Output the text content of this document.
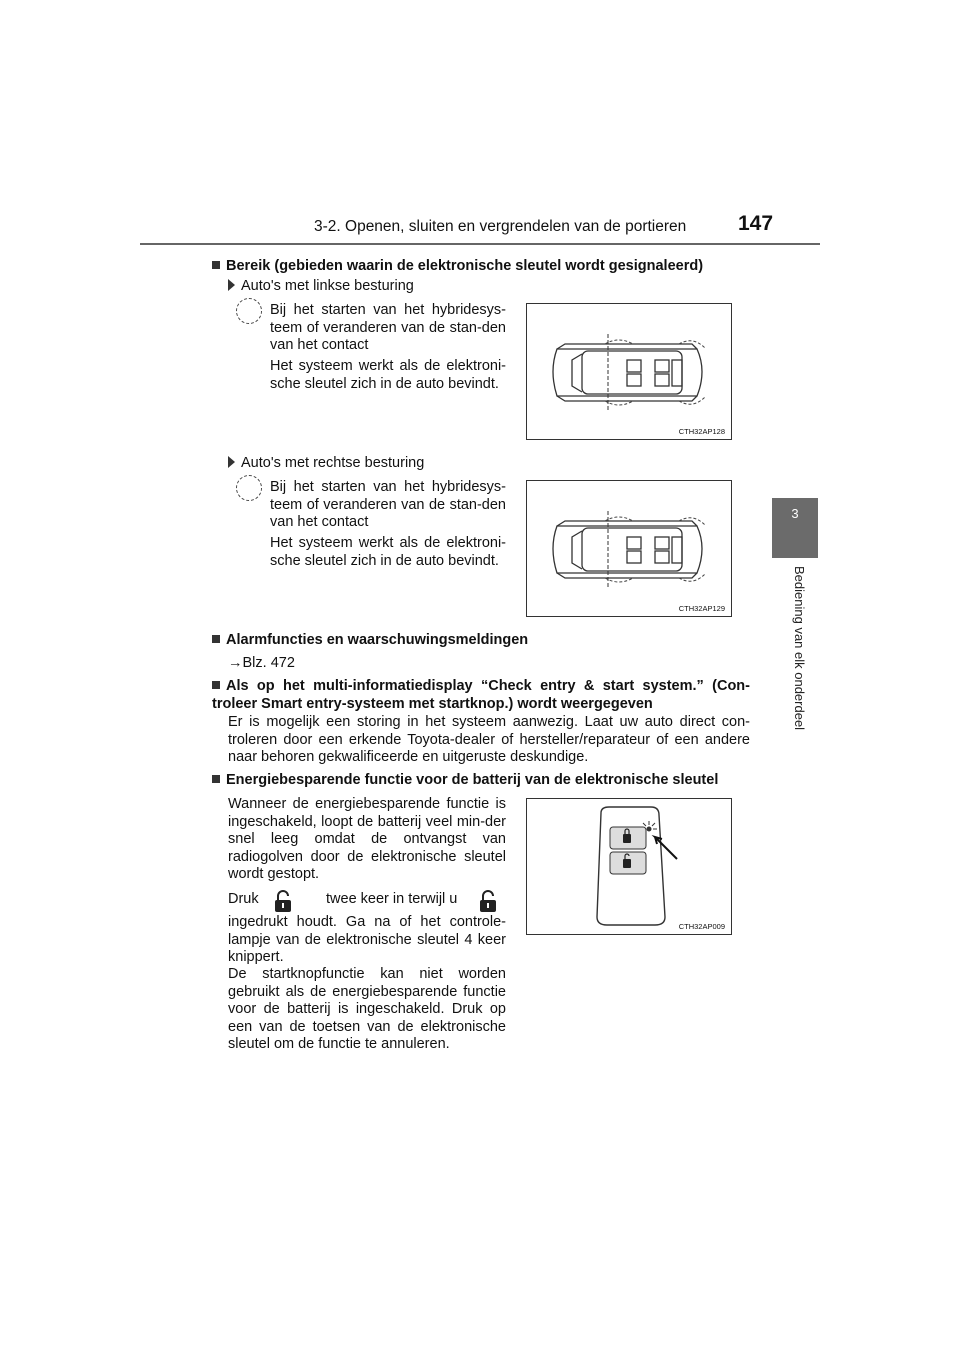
3-2. Openen, sluiten en vergrendelen van de portieren 147
3
Bediening van elk onderdeel
Bereik (gebieden waarin de elektronische sleutel wordt gesignaleerd)
Auto's met linkse besturing
Bij het starten van het hybridesys-teem of veranderen van de stan-den van het contact
Het systeem werkt als de elektroni-sche sleutel zich in de auto bevindt.
CTH32AP128
Auto's met rechtse besturing
Bij het starten van het hybridesys-teem of veranderen van de stan-den van het contact
Het systeem werkt als de elektroni-sche sleutel zich in de auto bevindt.
CTH32AP129
Alarmfuncties en waarschuwingsmeldingen
→Blz. 472
Als op het multi-informatiedisplay “Check entry & start system.” (Con-troleer Smart entry-systeem met startknop.) wordt weergegeven
Er is mogelijk een storing in het systeem aanwezig. Laat uw auto direct con-troleren door een erkende Toyota-dealer of hersteller/reparateur of een andere naar behoren gekwalificeerde en uitgeruste deskundige.
Energiebesparende functie voor de batterij van de elektronische sleutel
Wanneer de energiebesparende functie is ingeschakeld, loopt de batterij veel min-der snel leeg omdat de ontvangst van radiogolven door de elektronische sleutel wordt gestopt.
Druk	twee keer in terwijl u
ingedrukt houdt. Ga na of het controle-lampje van de elektronische sleutel 4 keer knippert.
De startknopfunctie kan niet worden gebruikt als de energiebesparende functie voor de batterij is ingeschakeld. Druk op een van de toetsen van de elektronische sleutel om de functie te annuleren.
CTH32AP009
